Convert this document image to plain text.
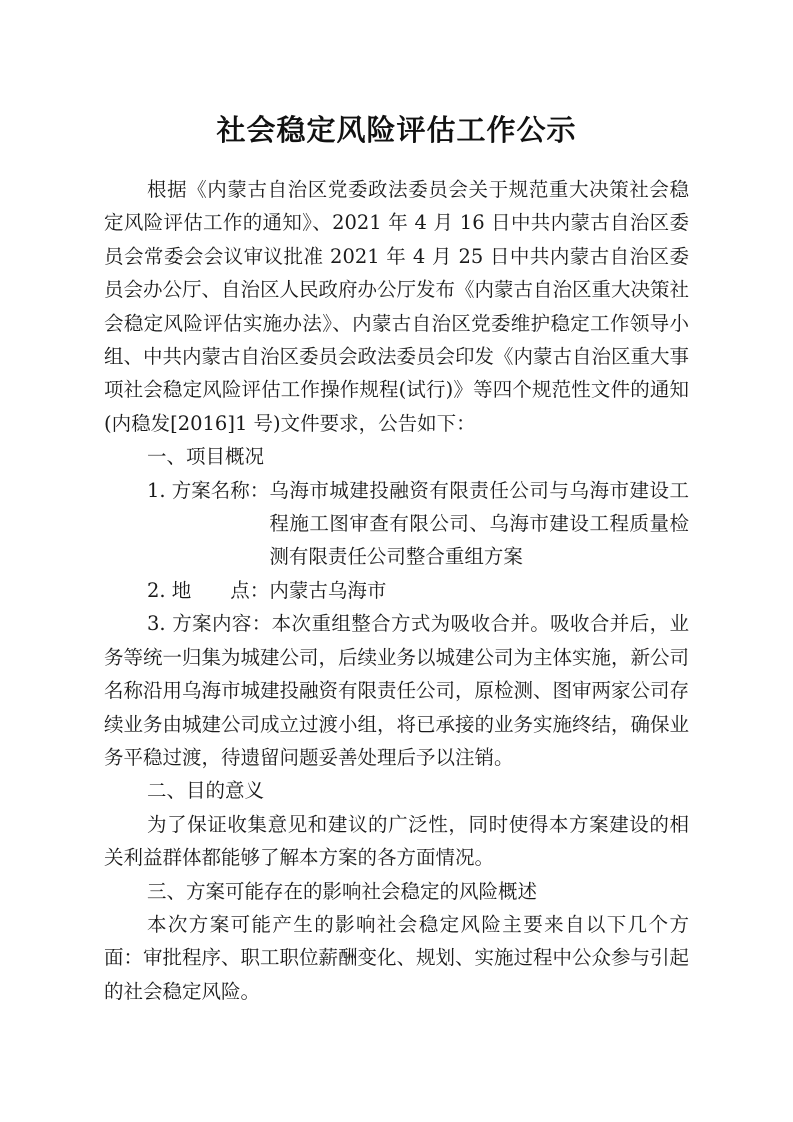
社会稳定风险评估工作公示

根据《内蒙古自治区党委政法委员会关于规范重大决策社会稳定风险评估工作的通知》、2021 年 4 月 16 日中共内蒙古自治区委员会常委会会议审议批准 2021 年 4 月 25 日中共内蒙古自治区委员会办公厅、自治区人民政府办公厅发布《内蒙古自治区重大决策社会稳定风险评估实施办法》、内蒙古自治区党委维护稳定工作领导小组、中共内蒙古自治区委员会政法委员会印发《内蒙古自治区重大事项社会稳定风险评估工作操作规程(试行)》等四个规范性文件的通知(内稳发[2016]1 号)文件要求，公告如下：

一、项目概况

1. 方案名称： 乌海市城建投融资有限责任公司与乌海市建设工程施工图审查有限公司、乌海市建设工程质量检测有限责任公司整合重组方案
2. 地　　点： 内蒙古乌海市

3. 方案内容：本次重组整合方式为吸收合并。吸收合并后，业务等统一归集为城建公司，后续业务以城建公司为主体实施，新公司名称沿用乌海市城建投融资有限责任公司，原检测、图审两家公司存续业务由城建公司成立过渡小组，将已承接的业务实施终结，确保业务平稳过渡，待遗留问题妥善处理后予以注销。

二、目的意义

为了保证收集意见和建议的广泛性，同时使得本方案建设的相关利益群体都能够了解本方案的各方面情况。

三、方案可能存在的影响社会稳定的风险概述

本次方案可能产生的影响社会稳定风险主要来自以下几个方面：审批程序、职工职位薪酬变化、规划、实施过程中公众参与引起的社会稳定风险。
